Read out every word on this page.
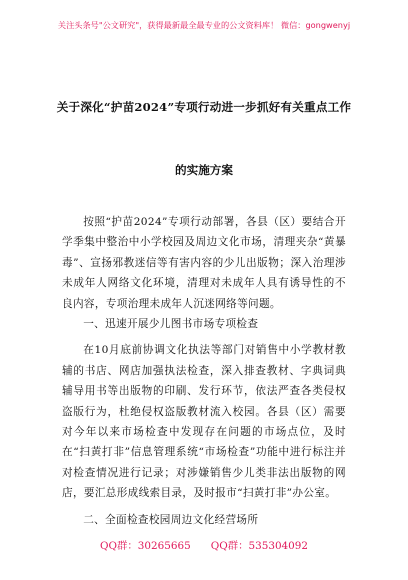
关注头条号"公文研究"，获得最新最全最专业的公文资料库！ 微信：gongwenyj
关于深化“护苗2024”专项行动进一步抓好有关重点工作
的实施方案

按照“护苗2024”专项行动部署，各县（区）要结合开学季集中整治中小学校园及周边文化市场，清理夹杂“黄暴毒”、宣扬邪教迷信等有害内容的少儿出版物；深入治理涉未成年人网络文化环境，清理对未成年人具有诱导性的不良内容，专项治理未成年人沉迷网络等问题。

一、迅速开展少儿图书市场专项检查

在10月底前协调文化执法等部门对销售中小学教材教辅的书店、网店加强执法检查，深入排查教材、字典词典辅导用书等出版物的印刷、发行环节，依法严查各类侵权盗版行为，杜绝侵权盗版教材流入校园。各县（区）需要对今年以来市场检查中发现存在问题的市场点位，及时在“扫黄打非”信息管理系统“市场检查”功能中进行标注并对检查情况进行记录；对涉嫌销售少儿类非法出版物的网店，要汇总形成线索目录，及时报市“扫黄打非”办公室。

二、全面检查校园周边文化经营场所

QQ群：30265665 QQ群：535304092
